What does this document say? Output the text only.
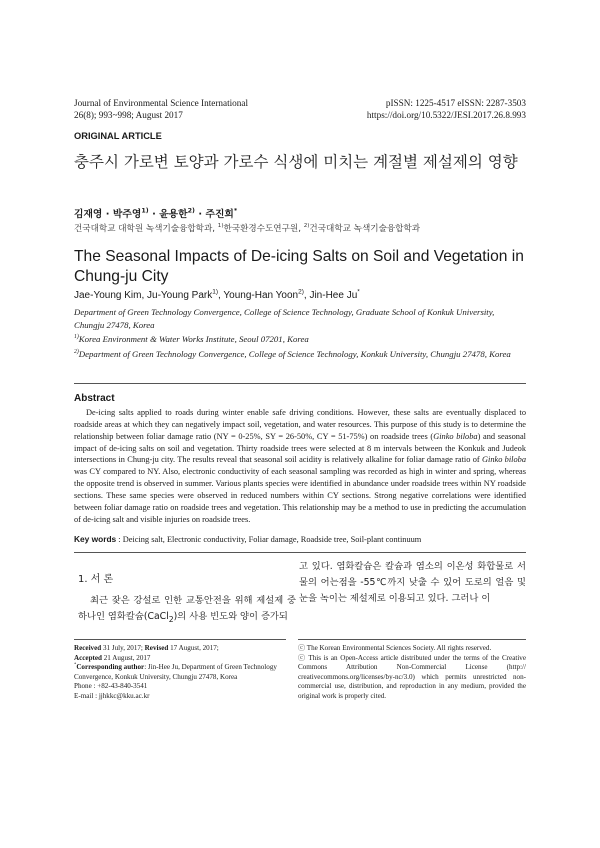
Journal of Environmental Science International
26(8); 993~998; August 2017
pISSN: 1225-4517 eISSN: 2287-3503
https://doi.org/10.5322/JESI.2017.26.8.993
ORIGINAL ARTICLE
충주시 가로변 토양과 가로수 식생에 미치는 계절별 제설제의 영향
김재영 · 박주영$^{1)}$ · 윤용한$^{2)}$ · 주진희*
건국대학교 대학원 녹색기술융합학과, $^{1)}$한국환경수도연구원, $^{2)}$건국대학교 녹색기술융합학과
The Seasonal Impacts of De-icing Salts on Soil and Vegetation in Chung-ju City
Jae-Young Kim, Ju-Young Park$^{1)}$, Young-Han Yoon$^{2)}$, Jin-Hee Ju*

Department of Green Technology Convergence, College of Science Technology, Graduate School of Konkuk University, Chungju 27478, Korea

$^{1)}$Korea Environment & Water Works Institute, Seoul 07201, Korea

$^{2)}$Department of Green Technology Convergence, College of Science Technology, Konkuk University, Chungju 27478, Korea

Abstract
De-icing salts applied to roads during winter enable safe driving conditions. However, these salts are eventually displaced to roadside areas at which they can negatively impact soil, vegetation, and water resources. This purpose of this study is to determine the relationship between foliar damage ratio (NY = 0-25%, SY = 26-50%, CY = 51-75%) on roadside trees (Ginko biloba) and seasonal impact of de-icing salts on soil and vegetation. Thirty roadside trees were selected at 8 m intervals between the Konkuk and Judeok intersections in Chung-ju city. The results reveal that seasonal soil acidity is relatively alkaline for foliar damage ratio of Ginko biloba was CY compared to NY. Also, electronic conductivity of each seasonal sampling was recorded as high in winter and spring, whereas the opposite trend is observed in summer. Various plants species were identified in abundance under roadside trees within NY roadside sections. These same species were observed in reduced numbers within CY sections. Strong negative correlations were identified between foliar damage ratio on roadside trees and vegetation. This relationship may be a method to use in predicting the accumulation of de-icing salt and visible injuries on roadside trees.
Key words : Deicing salt, Electronic conductivity, Foliar damage, Roadside tree, Soil-plant continuum
1. 서 론
최근 잦은 강설로 인한 교통안전을 위해 제설제 중 하나인 염화칼슘(CaCl$_2$)의 사용 빈도와 양이 증가되
고 있다. 염화칼슘은 칼슘과 염소의 이온성 화합물로 서 물의 어는점을 -55℃까지 낮출 수 있어 도로의 얼음 및 눈을 녹이는 제설제로 이용되고 있다. 그러나 이
Received 31 July, 2017; Revised 17 August, 2017;
Accepted 21 August, 2017
*Corresponding author: Jin-Hee Ju, Department of Green Technology Convergence, Konkuk University, Chungju 27478, Korea
Phone : +82-43-840-3541
E-mail : jjhkkc@kku.ac.kr
ⓒ The Korean Environmental Sciences Society. All rights reserved.
ⓒ This is an Open-Access article distributed under the terms of the Creative Commons Attribution Non-Commercial License (http:// creativecommons.org/licenses/by-nc/3.0) which permits unrestricted non-commercial use, distribution, and reproduction in any medium, provided the original work is properly cited.
